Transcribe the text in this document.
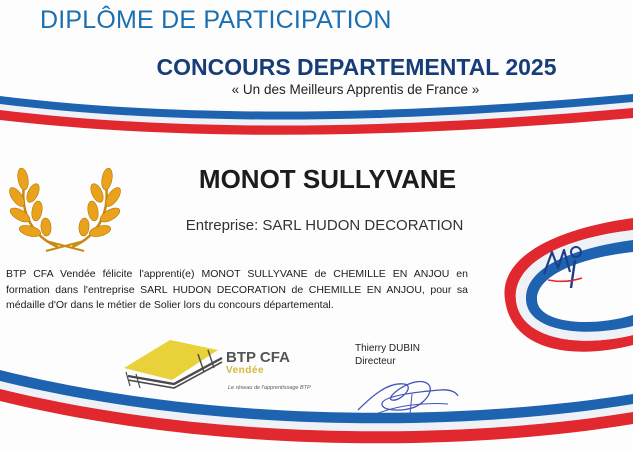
DIPLÔME DE PARTICIPATION
CONCOURS DEPARTEMENTAL 2025
« Un des Meilleurs Apprentis de France »
MONOT SULLYVANE
Entreprise: SARL HUDON DECORATION
BTP CFA Vendée félicite l'apprenti(e) MONOT SULLYVANE de CHEMILLE EN ANJOU en formation dans l'entreprise SARL HUDON DECORATION de CHEMILLE EN ANJOU, pour sa médaille d'Or dans le métier de Solier lors du concours départemental.
BTP CFA
Vendée
Le réseau de l'apprentissage BTP
Thierry DUBIN
Directeur
